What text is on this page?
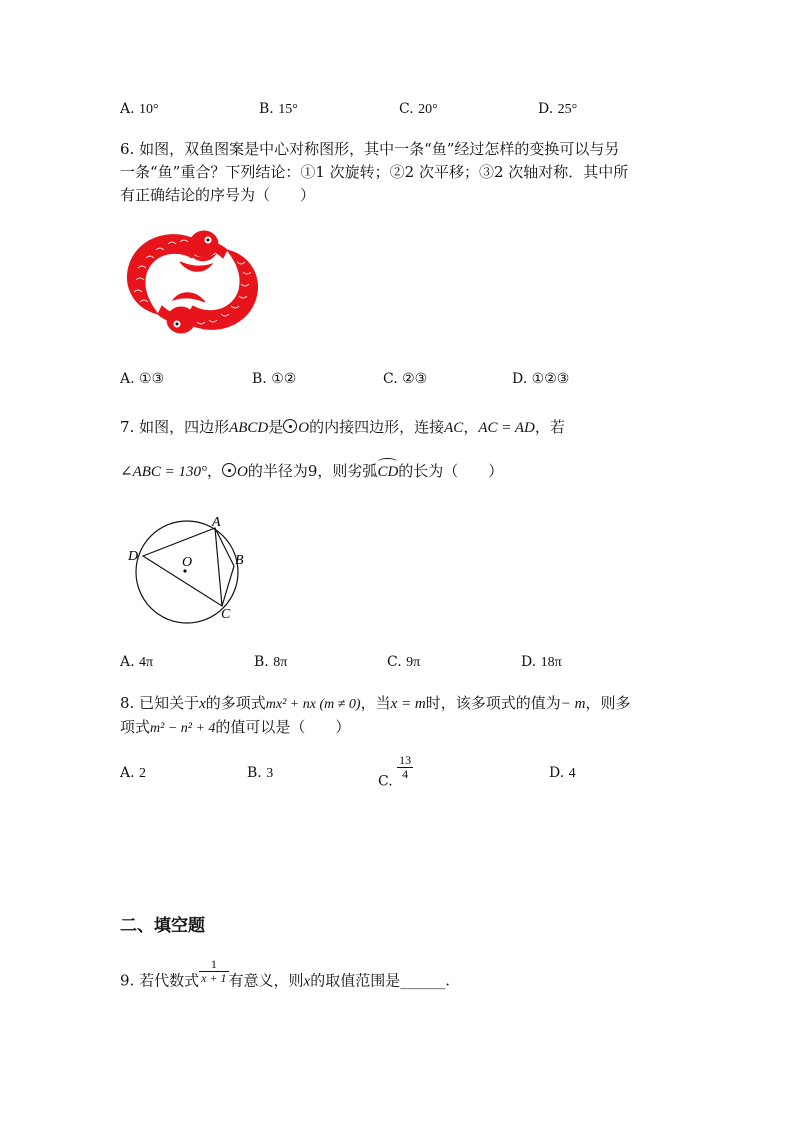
A. 10°	B. 15°	C. 20°	D. 25°
6. 如图，双鱼图案是中心对称图形，其中一条“鱼”经过怎样的变换可以与另
一条“鱼”重合？下列结论：①1 次旋转；②2 次平移；③2 次轴对称．其中所
有正确结论的序号为（　　）
A. ①③	B. ①②	C. ②③	D. ①②③
7. 如图，四边形ABCD是 O的内接四边形，连接AC，AC = AD，若
∠ABC = 130°， O的半径为9，则劣弧CD的长为（　　）
A
B
C
D	O
A. 4π	B. 8π	C. 9π	D. 18π
8. 已知关于x的多项式mx² + nx (m ≠ 0)，当x = m时，该多项式的值为− m，则多
项式m² − n² + 4的值可以是（　　）
A. 2	B. 3	C.
$\frac{13}{4}$	D. 4
二、填空题
9. 若代数式 $\frac{1}{x + 1}$ 有意义，则x的取值范围是______.
